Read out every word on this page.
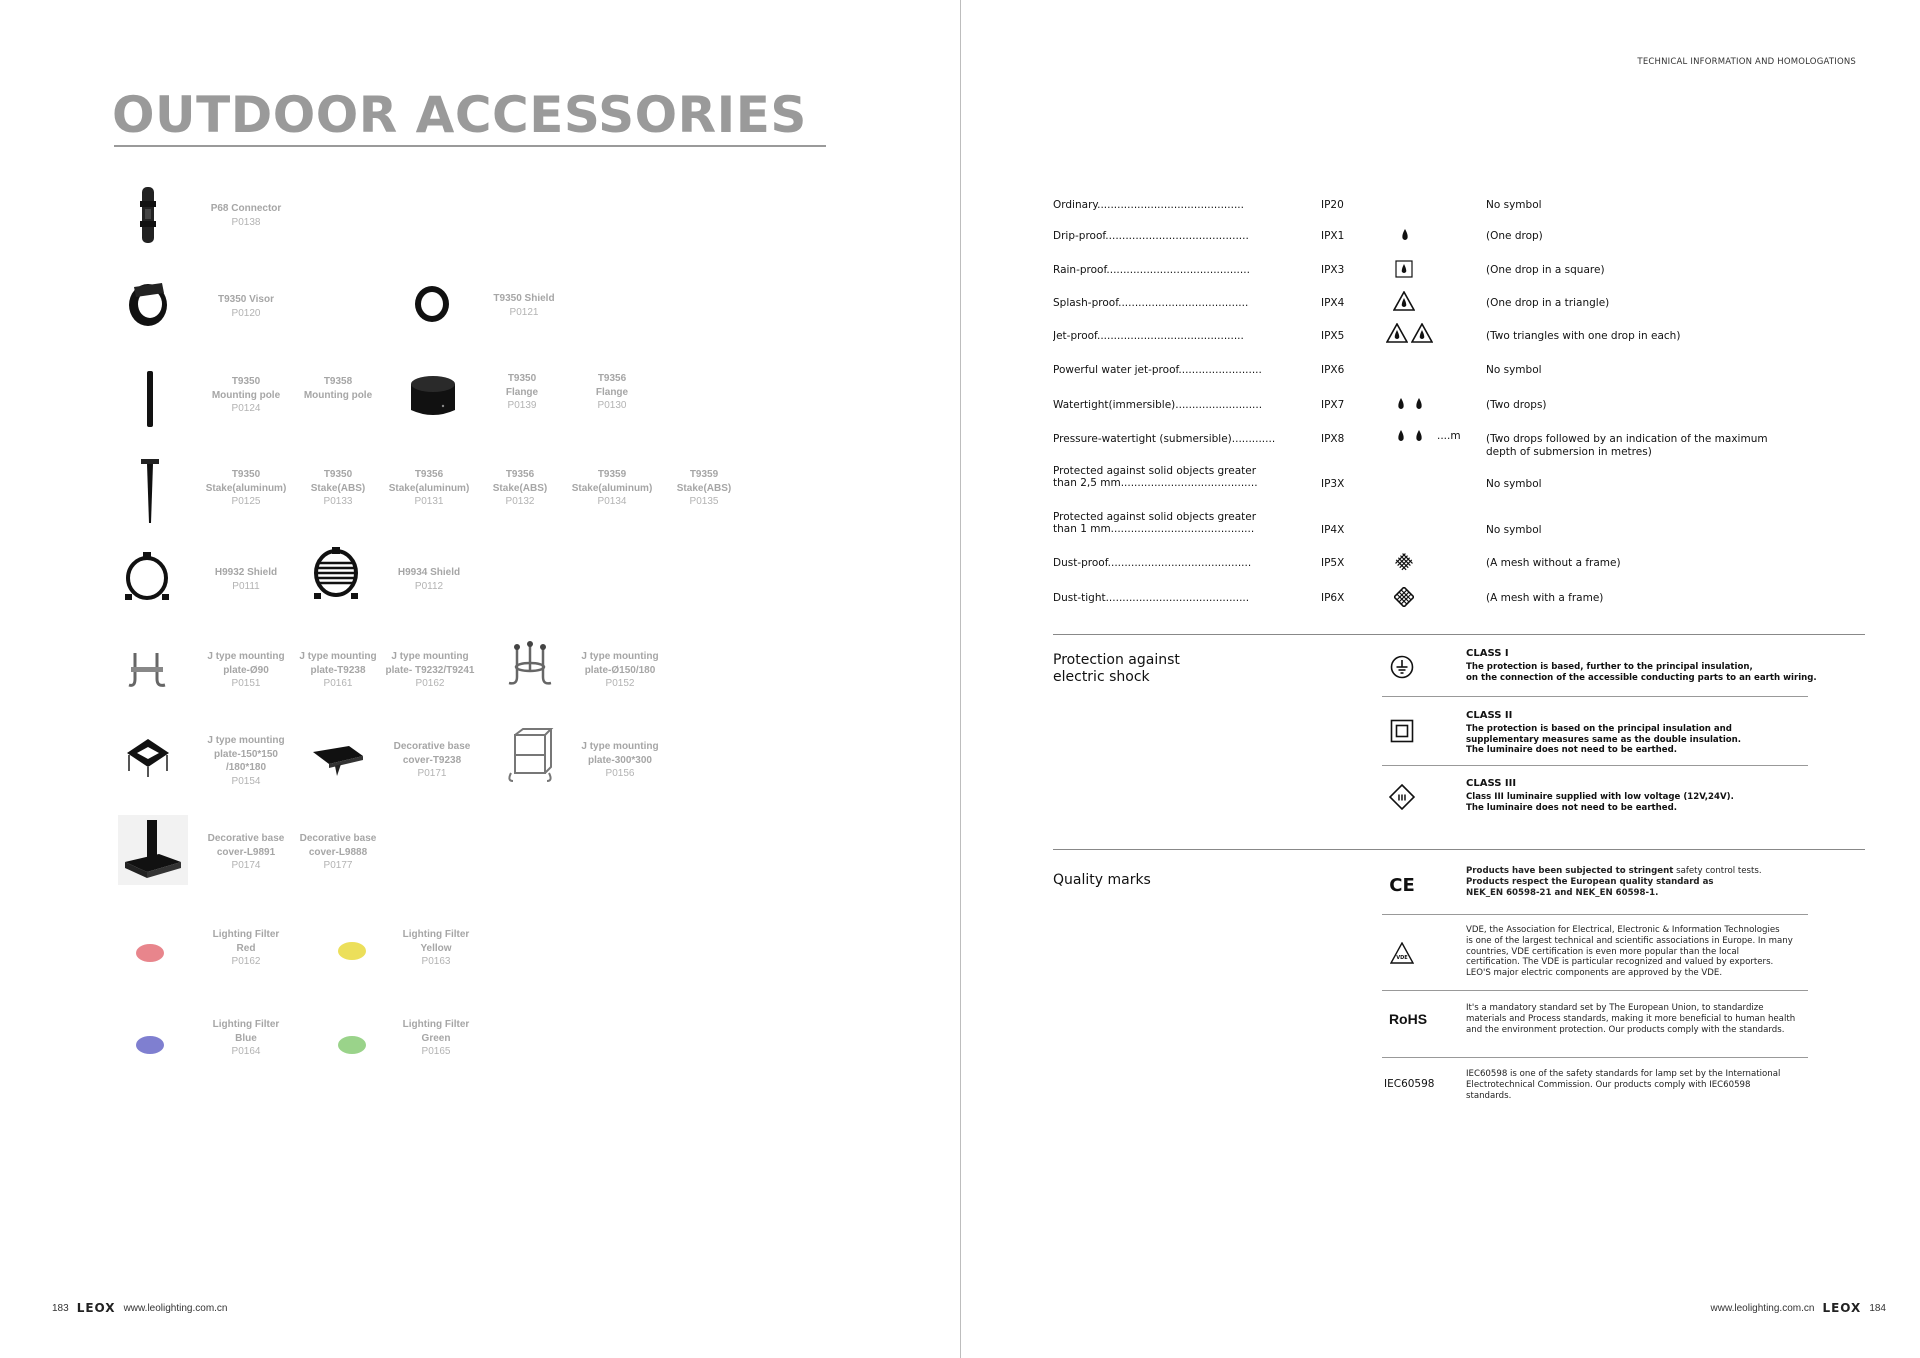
OUTDOOR ACCESSORIES
P68 Connector
P0138
T9350 Visor
P0120
T9350 Shield
P0121
T9350
Mounting pole
P0124
T9358
Mounting pole
T9350
Flange
P0139
T9356
Flange
P0130
T9350
Stake(aluminum)
P0125
T9350
Stake(ABS)
P0133
T9356
Stake(aluminum)
P0131
T9356
Stake(ABS)
P0132
T9359
Stake(aluminum)
P0134
T9359
Stake(ABS)
P0135
H9932 Shield
P0111
H9934 Shield
P0112
J type mounting
plate-Ø90
P0151
J type mounting
plate-T9238
P0161
J type mounting
plate- T9232/T9241
P0162
J type mounting
plate-Ø150/180
P0152
J type mounting
plate-150*150
/180*180
P0154
Decorative base
cover-T9238
P0171
J type mounting
plate-300*300
P0156
Decorative base
cover-L9891
P0174
Decorative base
cover-L9888
P0177
Lighting Filter
Red
P0162
Lighting Filter
Yellow
P0163
Lighting Filter
Blue
P0164
Lighting Filter
Green
P0165
183 LEOX www.leolighting.com.cn
TECHNICAL INFORMATION AND HOMOLOGATIONS
Ordinary............................................	IP20	No symbol
Drip-proof...........................................	IPX1	(One drop)
Rain-proof...........................................	IPX3	(One drop in a square)
Splash-proof.......................................	IPX4	(One drop in a triangle)
Jet-proof............................................	IPX5	(Two triangles with one drop in each)
Powerful water jet-proof.........................	IPX6	No symbol
Watertight(immersible)..........................	IPX7	(Two drops)
Pressure-watertight (submersible).............	IPX8	....m (Two drops followed by an indication of the maximum depth of submersion in metres)
Protected against solid objects greater
than 2,5 mm.........................................	IP3X	No symbol
Protected against solid objects greater
than 1 mm...........................................	IP4X	No symbol
Dust-proof...........................................	IP5X	(A mesh without a frame)
Dust-tight...........................................	IP6X	(A mesh with a frame)
Protection against
electric shock
CLASS I
The protection is based, further to the principal insulation,
on the connection of the accessible conducting parts to an earth wiring.
CLASS II
The protection is based on the principal insulation and
supplementary measures same as the double insulation.
The luminaire does not need to be earthed.
III
CLASS III
Class III luminaire supplied with low voltage (12V,24V).
The luminaire does not need to be earthed.
Quality marks	CE
Products have been subjected to stringent safety control tests.
Products respect the European quality standard as
NEK_EN 60598-21 and NEK_EN 60598-1.
VDE
VDE, the Association for Electrical, Electronic & Information Technologies
is one of the largest technical and scientific associations in Europe. In many
countries, VDE certification is even more popular than the local
certification. The VDE is particular recognized and valued by exporters.
LEO'S major electric components are approved by the VDE.
RoHS
It's a mandatory standard set by The European Union, to standardize
materials and Process standards, making it more beneficial to human health
and the environment protection. Our products comply with the standards.
IEC60598
IEC60598 is one of the safety standards for lamp set by the International
Electrotechnical Commission. Our products comply with IEC60598
standards.
www.leolighting.com.cn LEOX 184
